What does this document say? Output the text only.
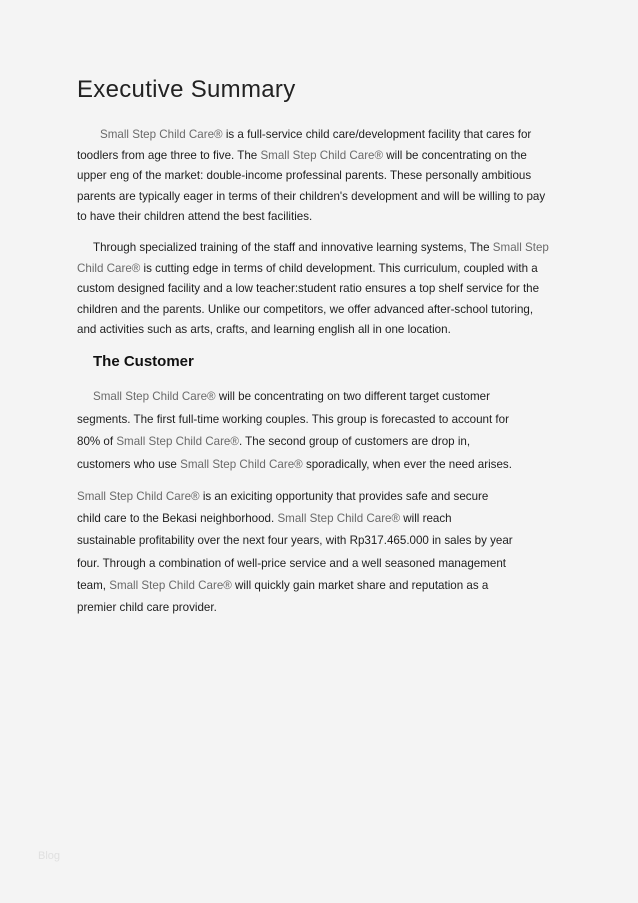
Executive Summary
Small Step Child Care® is a full-service child care/development facility that cares for
toodlers from age three to five. The Small Step Child Care® will be concentrating on the
upper eng of the market: double-income professinal parents. These personally ambitious
parents are typically eager in terms of their children's development and will be willing to pay
to have their children attend the best facilities.
Through specialized training of the staff and innovative learning systems, The Small Step
Child Care® is cutting edge in terms of child development. This curriculum, coupled with a
custom designed facility and a low teacher:student ratio ensures a top shelf service for the
children and the parents. Unlike our competitors, we offer advanced after-school tutoring,
and activities such as arts, crafts, and learning english all in one location.
The Customer
Small Step Child Care® will be concentrating on two different target customer
segments. The first full-time working couples. This group is forecasted to account for
80% of Small Step Child Care®. The second group of customers are drop in,
customers who use Small Step Child Care® sporadically, when ever the need arises.
Small Step Child Care® is an exiciting opportunity that provides safe and secure
child care to the Bekasi neighborhood. Small Step Child Care® will reach
sustainable profitability over the next four years, with Rp317.465.000 in sales by year
four. Through a combination of well-price service and a well seasoned management
team, Small Step Child Care® will quickly gain market share and reputation as a
premier child care provider.
Blog
